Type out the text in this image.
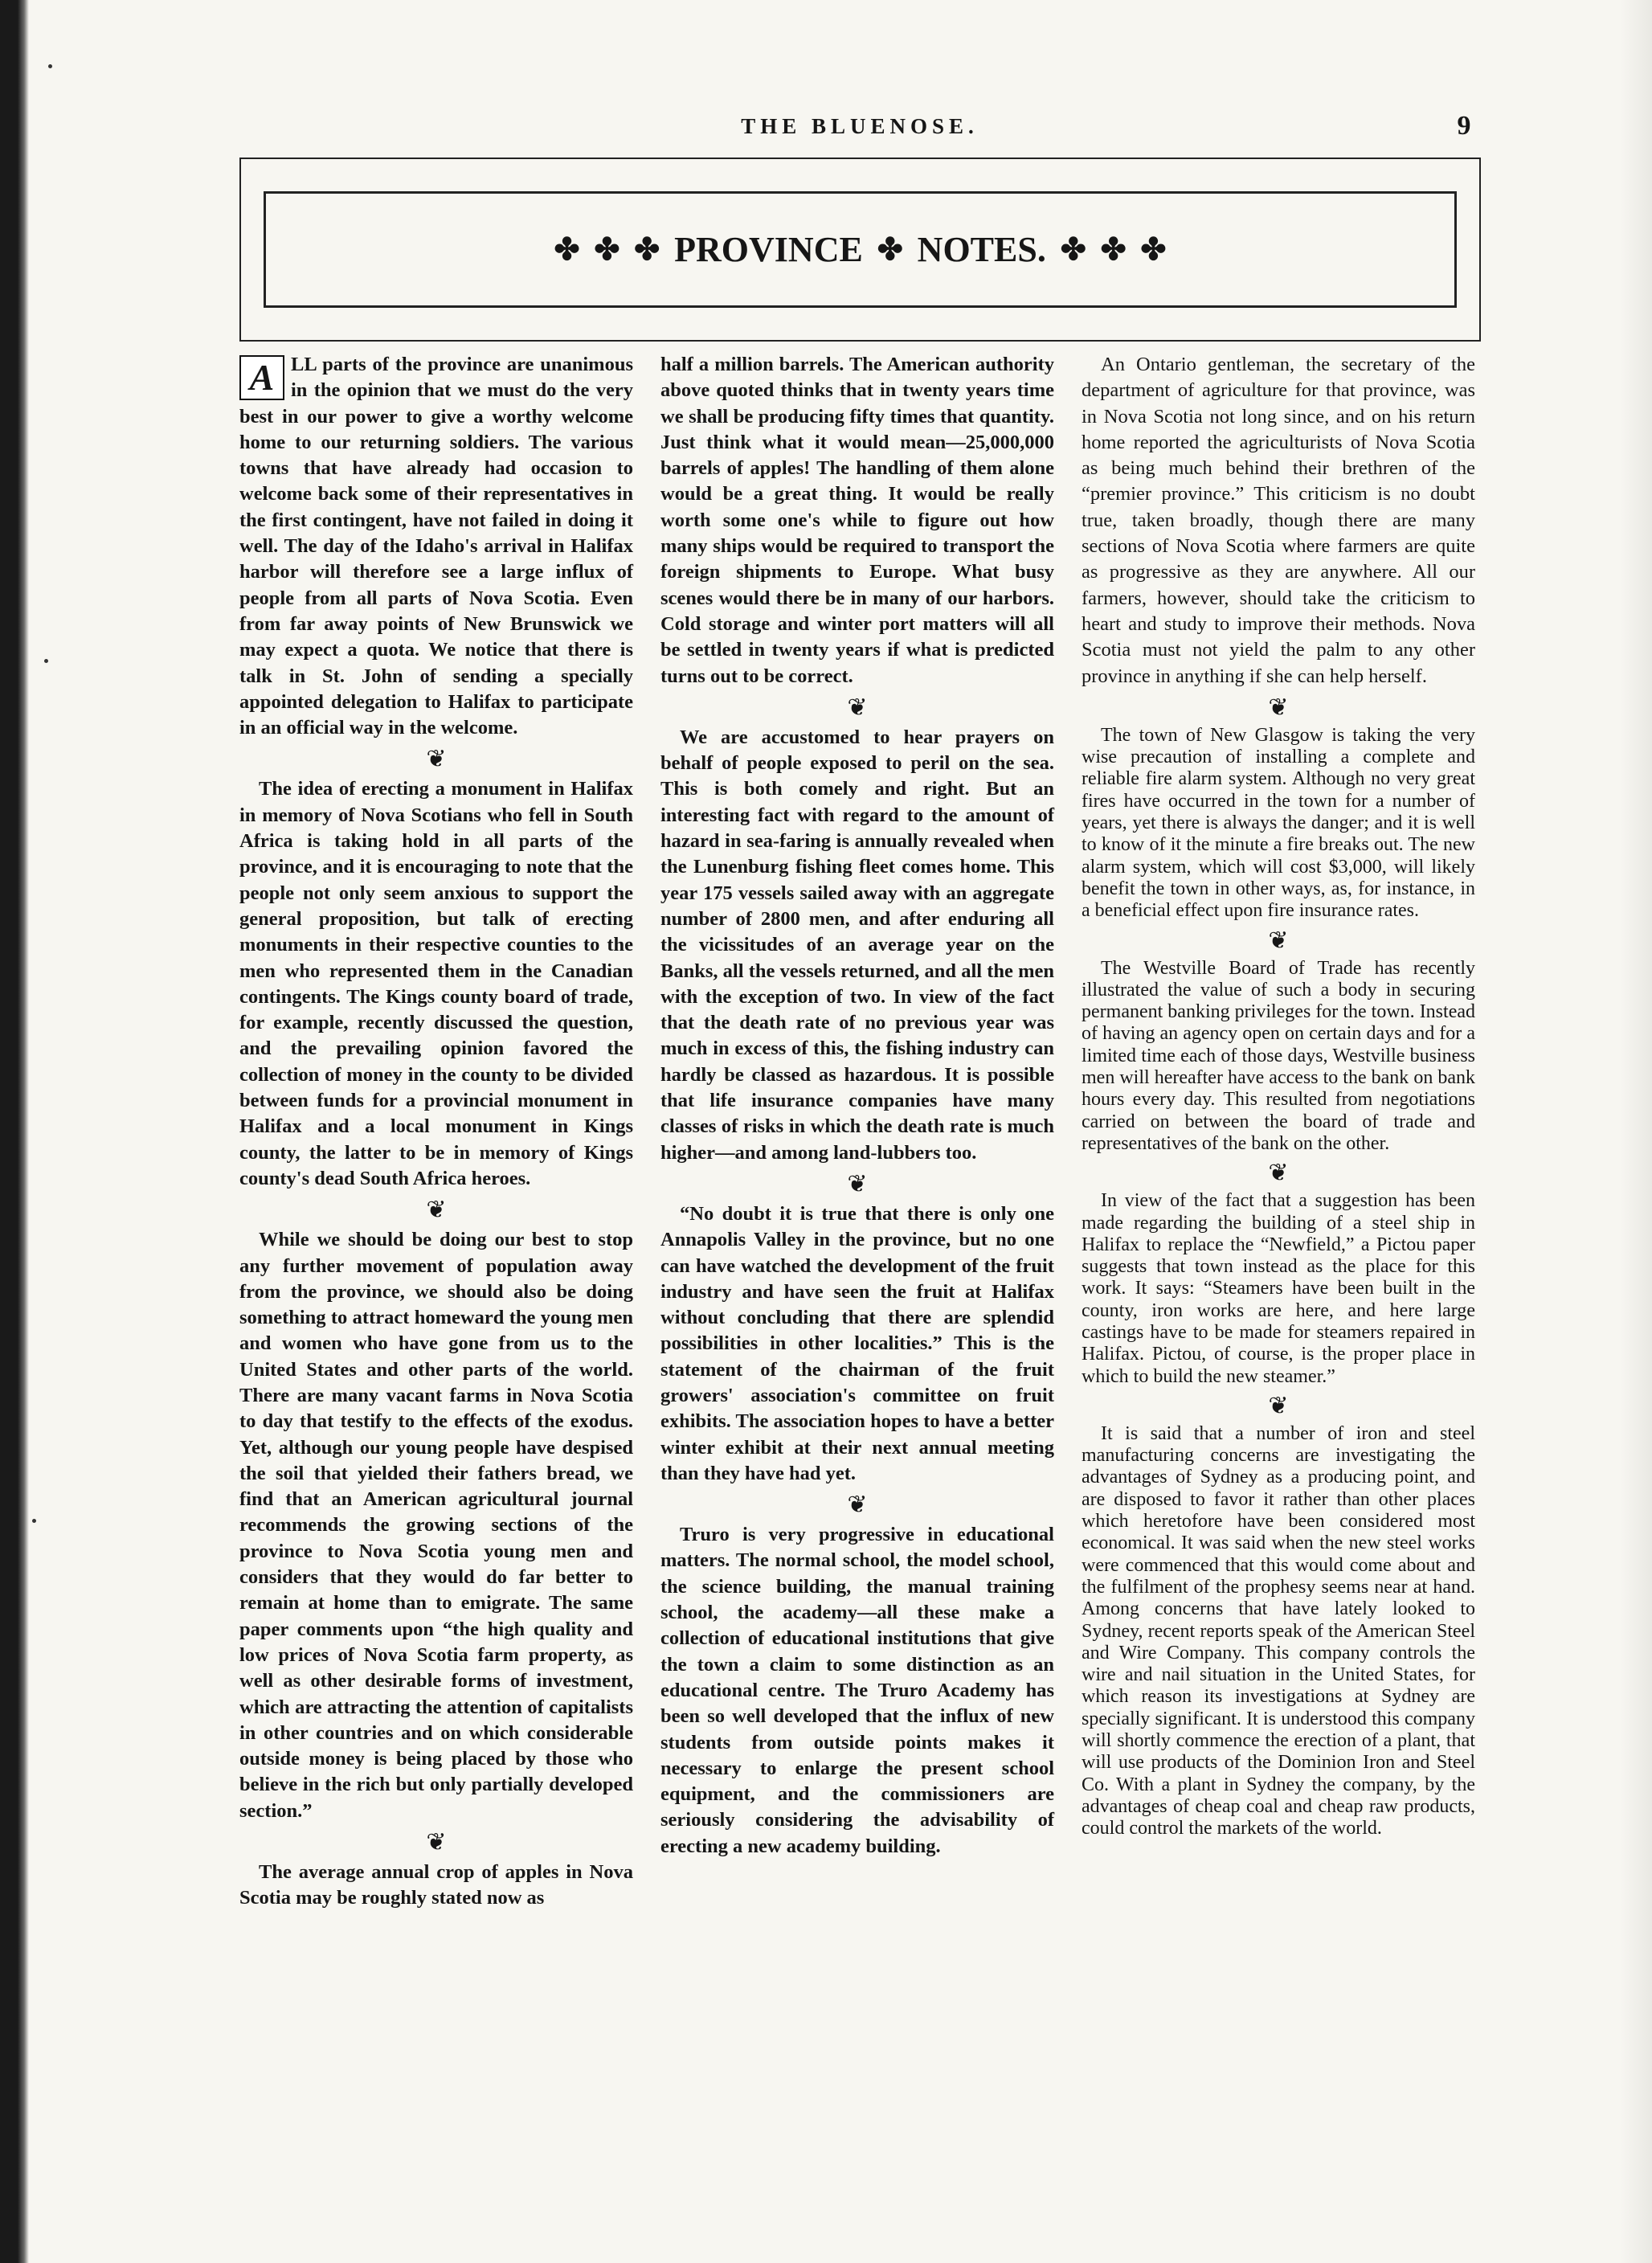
THE BLUENOSE.	9
✤ ✤ ✤ PROVINCE ✤ NOTES. ✤ ✤ ✤

A LL parts of the province are unanimous in the opinion that we must do the very best in our power to give a worthy welcome home to our returning soldiers. The various towns that have already had occasion to welcome back some of their representatives in the first contingent, have not failed in doing it well. The day of the Idaho's arrival in Halifax harbor will therefore see a large influx of people from all parts of Nova Scotia. Even from far away points of New Brunswick we may expect a quota. We notice that there is talk in St. John of sending a specially appointed delegation to Halifax to participate in an official way in the welcome.

❦

The idea of erecting a monument in Halifax in memory of Nova Scotians who fell in South Africa is taking hold in all parts of the province, and it is encouraging to note that the people not only seem anxious to support the general proposition, but talk of erecting monuments in their respective counties to the men who represented them in the Canadian contingents. The Kings county board of trade, for example, recently discussed the question, and the prevailing opinion favored the collection of money in the county to be divided between funds for a provincial monument in Halifax and a local monument in Kings county, the latter to be in memory of Kings county's dead South Africa heroes.

❦

While we should be doing our best to stop any further movement of population away from the province, we should also be doing something to attract homeward the young men and women who have gone from us to the United States and other parts of the world. There are many vacant farms in Nova Scotia to day that testify to the effects of the exodus. Yet, although our young people have despised the soil that yielded their fathers bread, we find that an American agricultural journal recommends the growing sections of the province to Nova Scotia young men and considers that they would do far better to remain at home than to emigrate. The same paper comments upon “the high quality and low prices of Nova Scotia farm property, as well as other desirable forms of investment, which are attracting the attention of capitalists in other countries and on which considerable outside money is being placed by those who believe in the rich but only partially developed section.”

❦

The average annual crop of apples in Nova Scotia may be roughly stated now as

half a million barrels. The American authority above quoted thinks that in twenty years time we shall be producing fifty times that quantity. Just think what it would mean—25,000,000 barrels of apples! The handling of them alone would be a great thing. It would be really worth some one's while to figure out how many ships would be required to transport the foreign shipments to Europe. What busy scenes would there be in many of our harbors. Cold storage and winter port matters will all be settled in twenty years if what is predicted turns out to be correct.

❦

We are accustomed to hear prayers on behalf of people exposed to peril on the sea. This is both comely and right. But an interesting fact with regard to the amount of hazard in sea-faring is annually revealed when the Lunenburg fishing fleet comes home. This year 175 vessels sailed away with an aggregate number of 2800 men, and after enduring all the vicissitudes of an average year on the Banks, all the vessels returned, and all the men with the exception of two. In view of the fact that the death rate of no previous year was much in excess of this, the fishing industry can hardly be classed as hazardous. It is possible that life insurance companies have many classes of risks in which the death rate is much higher—and among land-lubbers too.

❦

“No doubt it is true that there is only one Annapolis Valley in the province, but no one can have watched the development of the fruit industry and have seen the fruit at Halifax without concluding that there are splendid possibilities in other localities.” This is the statement of the chairman of the fruit growers' association's committee on fruit exhibits. The association hopes to have a better winter exhibit at their next annual meeting than they have had yet.

❦

Truro is very progressive in educational matters. The normal school, the model school, the science building, the manual training school, the academy—all these make a collection of educational institutions that give the town a claim to some distinction as an educational centre. The Truro Academy has been so well developed that the influx of new students from outside points makes it necessary to enlarge the present school equipment, and the commissioners are seriously considering the advisability of erecting a new academy building.

An Ontario gentleman, the secretary of the department of agriculture for that province, was in Nova Scotia not long since, and on his return home reported the agriculturists of Nova Scotia as being much behind their brethren of the “premier province.” This criticism is no doubt true, taken broadly, though there are many sections of Nova Scotia where farmers are quite as progressive as they are anywhere. All our farmers, however, should take the criticism to heart and study to improve their methods. Nova Scotia must not yield the palm to any other province in anything if she can help herself.

❦

The town of New Glasgow is taking the very wise precaution of installing a complete and reliable fire alarm system. Although no very great fires have occurred in the town for a number of years, yet there is always the danger; and it is well to know of it the minute a fire breaks out. The new alarm system, which will cost $3,000, will likely benefit the town in other ways, as, for instance, in a beneficial effect upon fire insurance rates.

❦

The Westville Board of Trade has recently illustrated the value of such a body in securing permanent banking privileges for the town. Instead of having an agency open on certain days and for a limited time each of those days, Westville business men will hereafter have access to the bank on bank hours every day. This resulted from negotiations carried on between the board of trade and representatives of the bank on the other.

❦

In view of the fact that a suggestion has been made regarding the building of a steel ship in Halifax to replace the “Newfield,” a Pictou paper suggests that town instead as the place for this work. It says: “Steamers have been built in the county, iron works are here, and here large castings have to be made for steamers repaired in Halifax. Pictou, of course, is the proper place in which to build the new steamer.”

❦

It is said that a number of iron and steel manufacturing concerns are investigating the advantages of Sydney as a producing point, and are disposed to favor it rather than other places which heretofore have been considered most economical. It was said when the new steel works were commenced that this would come about and the fulfilment of the prophesy seems near at hand. Among concerns that have lately looked to Sydney, recent reports speak of the American Steel and Wire Company. This company controls the wire and nail situation in the United States, for which reason its investigations at Sydney are specially significant. It is understood this company will shortly commence the erection of a plant, that will use products of the Dominion Iron and Steel Co. With a plant in Sydney the company, by the advantages of cheap coal and cheap raw products, could control the markets of the world.
